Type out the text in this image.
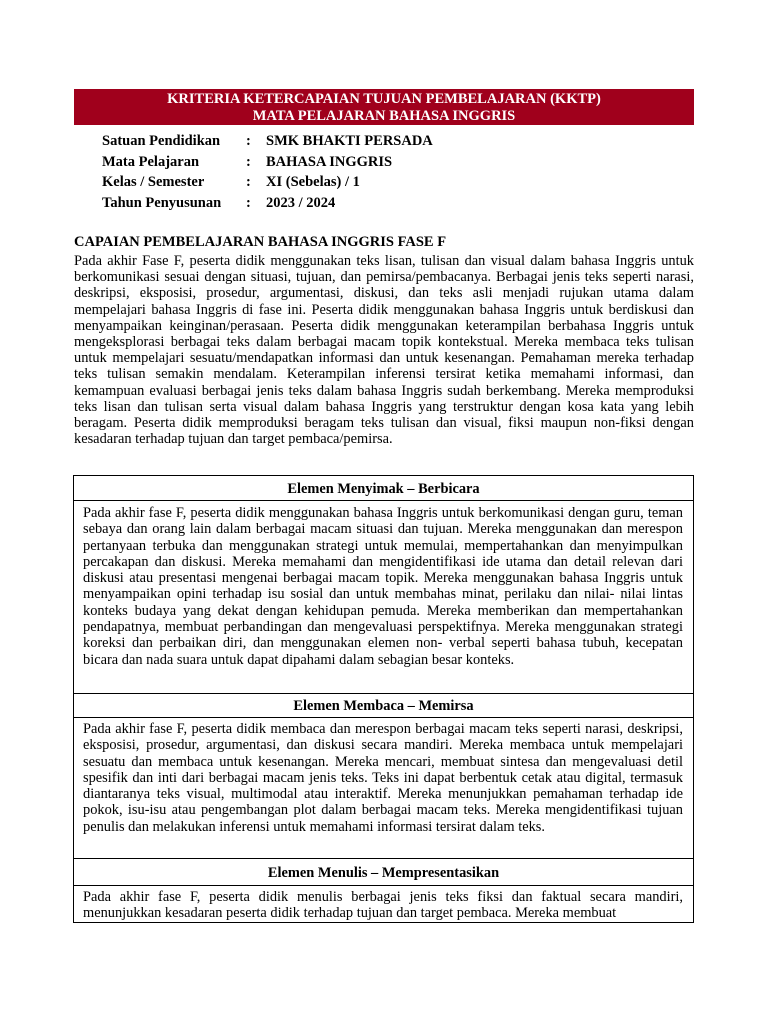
KRITERIA KETERCAPAIAN TUJUAN PEMBELAJARAN (KKTP)
MATA PELAJARAN BAHASA INGGRIS
Satuan Pendidikan : SMK BHAKTI PERSADA
Mata Pelajaran	: BAHASA INGGRIS
Kelas / Semester	: XI (Sebelas) / 1
Tahun Penyusunan : 2023 / 2024
CAPAIAN PEMBELAJARAN BAHASA INGGRIS FASE F

Pada akhir Fase F, peserta didik menggunakan teks lisan, tulisan dan visual dalam bahasa Inggris untuk berkomunikasi sesuai dengan situasi, tujuan, dan pemirsa/pembacanya. Berbagai jenis teks seperti narasi, deskripsi, eksposisi, prosedur, argumentasi, diskusi, dan teks asli menjadi rujukan utama dalam mempelajari bahasa Inggris di fase ini. Peserta didik menggunakan bahasa Inggris untuk berdiskusi dan menyampaikan keinginan/perasaan. Peserta didik menggunakan keterampilan berbahasa Inggris untuk mengeksplorasi berbagai teks dalam berbagai macam topik kontekstual. Mereka membaca teks tulisan untuk mempelajari sesuatu/mendapatkan informasi dan untuk kesenangan. Pemahaman mereka terhadap teks tulisan semakin mendalam. Keterampilan inferensi tersirat ketika memahami informasi, dan kemampuan evaluasi berbagai jenis teks dalam bahasa Inggris sudah berkembang. Mereka memproduksi teks lisan dan tulisan serta visual dalam bahasa Inggris yang terstruktur dengan kosa kata yang lebih beragam. Peserta didik memproduksi beragam teks tulisan dan visual, fiksi maupun non-fiksi dengan kesadaran terhadap tujuan dan target pembaca/pemirsa.

Elemen Menyimak – Berbicara

Pada akhir fase F, peserta didik menggunakan bahasa Inggris untuk berkomunikasi dengan guru, teman sebaya dan orang lain dalam berbagai macam situasi dan tujuan. Mereka menggunakan dan merespon pertanyaan terbuka dan menggunakan strategi untuk memulai, mempertahankan dan menyimpulkan percakapan dan diskusi. Mereka memahami dan mengidentifikasi ide utama dan detail relevan dari diskusi atau presentasi mengenai berbagai macam topik. Mereka menggunakan bahasa Inggris untuk menyampaikan opini terhadap isu sosial dan untuk membahas minat, perilaku dan nilai- nilai lintas konteks budaya yang dekat dengan kehidupan pemuda. Mereka memberikan dan mempertahankan pendapatnya, membuat perbandingan dan mengevaluasi perspektifnya. Mereka menggunakan strategi koreksi dan perbaikan diri, dan menggunakan elemen non- verbal seperti bahasa tubuh, kecepatan bicara dan nada suara untuk dapat dipahami dalam sebagian besar konteks.

Elemen Membaca – Memirsa

Pada akhir fase F, peserta didik membaca dan merespon berbagai macam teks seperti narasi, deskripsi, eksposisi, prosedur, argumentasi, dan diskusi secara mandiri. Mereka membaca untuk mempelajari sesuatu dan membaca untuk kesenangan. Mereka mencari, membuat sintesa dan mengevaluasi detil spesifik dan inti dari berbagai macam jenis teks. Teks ini dapat berbentuk cetak atau digital, termasuk diantaranya teks visual, multimodal atau interaktif. Mereka menunjukkan pemahaman terhadap ide pokok, isu-isu atau pengembangan plot dalam berbagai macam teks. Mereka mengidentifikasi tujuan penulis dan melakukan inferensi untuk memahami informasi tersirat dalam teks.

Elemen Menulis – Mempresentasikan

Pada akhir fase F, peserta didik menulis berbagai jenis teks fiksi dan faktual secara mandiri, menunjukkan kesadaran peserta didik terhadap tujuan dan target pembaca. Mereka membuat
